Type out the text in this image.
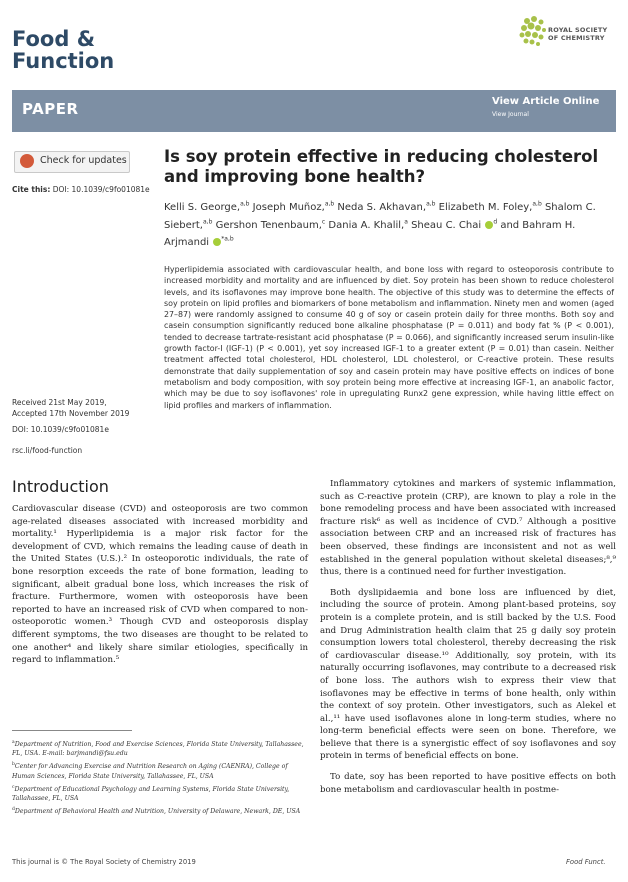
Food &
Function
ROYAL SOCIETY
OF CHEMISTRY
PAPER	View Article Online
View Journal
Check for updates
Cite this: DOI: 10.1039/c9fo01081e
Received 21st May 2019,
Accepted 17th November 2019
DOI: 10.1039/c9fo01081e
rsc.li/food-function
Is soy protein effective in reducing cholesterol and improving bone health?
Kelli S. George,$^{a,b}$ Joseph Muñoz,$^{a,b}$ Neda S. Akhavan,$^{a,b}$ Elizabeth M. Foley,$^{a,b}$ Shalom C. Siebert,$^{a,b}$ Gershon Tenenbaum,$^c$ Dania A. Khalil,$^a$ Sheau C. Chai $^d$ and Bahram H. Arjmandi $^{*a,b}$

Hyperlipidemia associated with cardiovascular health, and bone loss with regard to osteoporosis contribute to increased morbidity and mortality and are influenced by diet. Soy protein has been shown to reduce cholesterol levels, and its isoflavones may improve bone health. The objective of this study was to determine the effects of soy protein on lipid profiles and biomarkers of bone metabolism and inflammation. Ninety men and women (aged 27–87) were randomly assigned to consume 40 g of soy or casein protein daily for three months. Both soy and casein consumption significantly reduced bone alkaline phosphatase (P = 0.011) and body fat % (P < 0.001), tended to decrease tartrate-resistant acid phosphatase (P = 0.066), and significantly increased serum insulin-like growth factor-I (IGF-1) (P < 0.001), yet soy increased IGF-1 to a greater extent (P = 0.01) than casein. Neither treatment affected total cholesterol, HDL cholesterol, LDL cholesterol, or C-reactive protein. These results demonstrate that daily supplementation of soy and casein protein may have positive effects on indices of bone metabolism and body composition, with soy protein being more effective at increasing IGF-1, an anabolic factor, which may be due to soy isoflavones' role in upregulating Runx2 gene expression, while having little effect on lipid profiles and markers of inflammation.

Introduction

Cardiovascular disease (CVD) and osteoporosis are two common age-related diseases associated with increased morbidity and mortality.¹ Hyperlipidemia is a major risk factor for the development of CVD, which remains the leading cause of death in the United States (U.S.).² In osteoporotic individuals, the rate of bone resorption exceeds the rate of bone formation, leading to significant, albeit gradual bone loss, which increases the risk of fracture. Furthermore, women with osteoporosis have been reported to have an increased risk of CVD when compared to non-osteoporotic women.³ Though CVD and osteoporosis display different symptoms, the two diseases are thought to be related to one another⁴ and likely share similar etiologies, specifically in regard to inflammation.⁵

Inflammatory cytokines and markers of systemic inflammation, such as C-reactive protein (CRP), are known to play a role in the bone remodeling process and have been associated with increased fracture risk⁶ as well as incidence of CVD.⁷ Although a positive association between CRP and an increased risk of fractures has been observed, these findings are inconsistent and not as well established in the general population without skeletal diseases;⁸,⁹ thus, there is a continued need for further investigation.

Both dyslipidaemia and bone loss are influenced by diet, including the source of protein. Among plant-based proteins, soy protein is a complete protein, and is still backed by the U.S. Food and Drug Administration health claim that 25 g daily soy protein consumption lowers total cholesterol, thereby decreasing the risk of cardiovascular disease.¹⁰ Additionally, soy protein, with its naturally occurring isoflavones, may contribute to a decreased risk of bone loss. The authors wish to express their view that isoflavones may be effective in terms of bone health, only within the context of soy protein. Other investigators, such as Alekel et al.,¹¹ have used isoflavones alone in long-term studies, where no long-term beneficial effects were seen on bone. Therefore, we believe that there is a synergistic effect of soy isoflavones and soy protein in terms of beneficial effects on bone.

To date, soy has been reported to have positive effects on both bone metabolism and cardiovascular health in postme-

$^a$Department of Nutrition, Food and Exercise Sciences, Florida State University, Tallahassee, FL, USA. E-mail: barjmandi@fsu.edu

$^b$Center for Advancing Exercise and Nutrition Research on Aging (CAENRA), College of Human Sciences, Florida State University, Tallahassee, FL, USA

$^c$Department of Educational Psychology and Learning Systems, Florida State University, Tallahassee, FL, USA

$^d$Department of Behavioral Health and Nutrition, University of Delaware, Newark, DE, USA

This journal is © The Royal Society of Chemistry 2019	Food Funct.
